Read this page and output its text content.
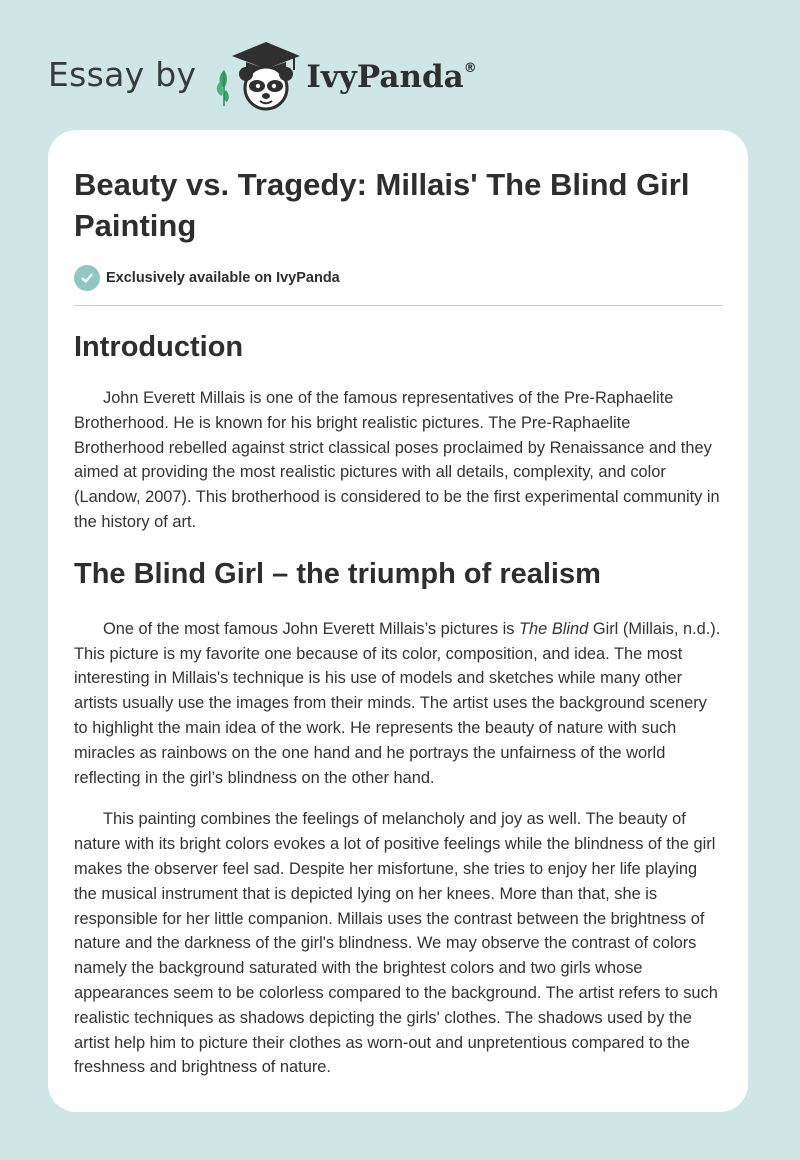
Essay by	IvyPanda®
Beauty vs. Tragedy: Millais' The Blind Girl Painting
Exclusively available on IvyPanda
Introduction

John Everett Millais is one of the famous representatives of the Pre-Raphaelite Brotherhood. He is known for his bright realistic pictures. The Pre-Raphaelite Brotherhood rebelled against strict classical poses proclaimed by Renaissance and they aimed at providing the most realistic pictures with all details, complexity, and color (Landow, 2007). This brotherhood is considered to be the first experimental community in the history of art.

The Blind Girl – the triumph of realism

One of the most famous John Everett Millais’s pictures is The Blind Girl (Millais, n.d.). This picture is my favorite one because of its color, composition, and idea. The most interesting in Millais's technique is his use of models and sketches while many other artists usually use the images from their minds. The artist uses the background scenery to highlight the main idea of the work. He represents the beauty of nature with such miracles as rainbows on the one hand and he portrays the unfairness of the world reflecting in the girl’s blindness on the other hand.

This painting combines the feelings of melancholy and joy as well. The beauty of nature with its bright colors evokes a lot of positive feelings while the blindness of the girl makes the observer feel sad. Despite her misfortune, she tries to enjoy her life playing the musical instrument that is depicted lying on her knees. More than that, she is responsible for her little companion. Millais uses the contrast between the brightness of nature and the darkness of the girl's blindness. We may observe the contrast of colors namely the background saturated with the brightest colors and two girls whose appearances seem to be colorless compared to the background. The artist refers to such realistic techniques as shadows depicting the girls' clothes. The shadows used by the artist help him to picture their clothes as worn-out and unpretentious compared to the freshness and brightness of nature.
